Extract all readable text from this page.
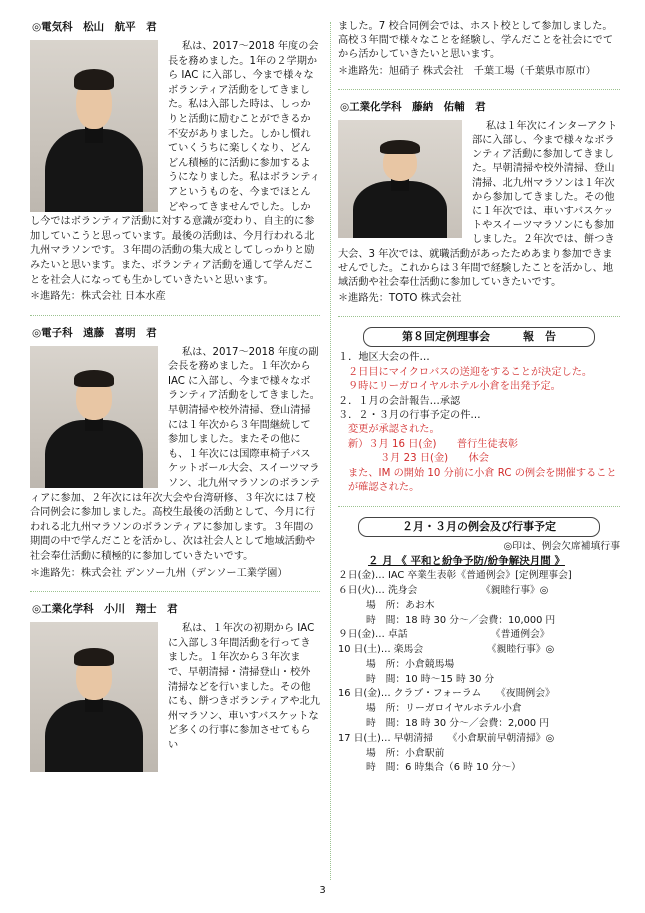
◎電気科　松山　航平　君
私は、2017～2018 年度の会長を務めました。1年の２学期から IAC に入部し、今まで様々なボランティア活動をしてきました。私は入部した時は、しっかりと活動に励むことができるか不安がありました。しかし慣れていくうちに楽しくなり、どんどん積極的に活動に参加するようになりました。私はボランティアというものを、今までほとんどやってきませんでした。しかし今ではボランティア活動に対する意識が変わり、自主的に参加していこうと思っています。最後の活動は、今月行われる北九州マラソンです。３年間の活動の集大成としてしっかりと励みたいと思います。また、ボランティア活動を通して学んだことを社会人になっても生かしていきたいと思います。
＊進路先：株式会社 日本水産
◎電子科　遠藤　喜明　君
私は、2017～2018 年度の副会長を務めました。１年次から IAC に入部し、今まで様々なボランティア活動をしてきました。早朝清掃や校外清掃、登山清掃には１年次から３年間継続して参加しました。またその他にも、１年次には国際車椅子バスケットボール大会、スイーツマラソン、北九州マラソンのボランティアに参加、２年次には年次大会や台湾研修、３年次には７校合同例会に参加しました。高校生最後の活動として、今月に行われる北九州マラソンのボランティアに参加します。３年間の期間の中で学んだことを活かし、次は社会人として地域活動や社会奉仕活動に積極的に参加していきたいです。
＊進路先：株式会社 デンソー九州（デンソー工業学園）
◎工業化学科　小川　翔士　君
私は、１年次の初期から IAC に入部し３年間活動を行ってきました。１年次から３年次まで、早朝清掃・清掃登山・校外清掃などを行いました。その他にも、餅つきボランティアや北九州マラソン、車いすバスケットなど多くの行事に参加させてもらい
ました。7 校合同例会では、ホスト校として参加しました。高校３年間で様々なことを経験し、学んだことを社会にでてから活かしていきたいと思います。
＊進路先：旭硝子 株式会社　千葉工場（千葉県市原市）
◎工業化学科　藤納　佑輔　君
私は１年次にインターアクト部に入部し、今まで様々なボランティア活動に参加してきました。早朝清掃や校外清掃、登山清掃、北九州マラソンは１年次から参加してきました。その他に１年次では、車いすバスケットやスイーツマラソンにも参加しました。２年次では、餅つき大会、3 年次では、就職活動があったためあまり参加できませんでした。これからは３年間で経験したことを活かし、地域活動や社会奉仕活動に参加していきたいです。
＊進路先：TOTO 株式会社
第８回定例理事会　　　報　告
１．地区大会の件…
２日目にマイクロバスの送迎をすることが決定した。
９時にリーガロイヤルホテル小倉を出発予定。
２．１月の会計報告…承認
３．２・３月の行事予定の件…
変更が承認された。
新）３月 16 日(金)　　普行生徒表彰
３月 23 日(金)　　休会
また、IM の開始 10 分前に小倉 RC の例会を開催することが確認された。
２月・３月の例会及び行事予定
◎印は、例会欠席補填行事
２ 月 《 平和と紛争予防/紛争解決月間 》
２日(金)… IAC 卒業生表彰《普通例会》[定例理事会]
６日(火)… 洗身会　　　　　　　《親睦行事》◎
場　所：あお木
時　間：18 時 30 分～／会費：10,000 円
９日(金)… 卓話　　　　　　　　　《普通例会》
10 日(土)… 楽馬会　　　　　　　《親睦行事》◎
場　所：小倉競馬場
時　間：10 時～15 時 30 分
16 日(金)… クラブ・フォーラム　　《夜間例会》
場　所：リーガロイヤルホテル小倉
時　間：18 時 30 分～／会費：2,000 円
17 日(土)… 早朝清掃　　《小倉駅前早朝清掃》◎
場　所：小倉駅前
時　間：6 時集合（6 時 10 分～）
3
